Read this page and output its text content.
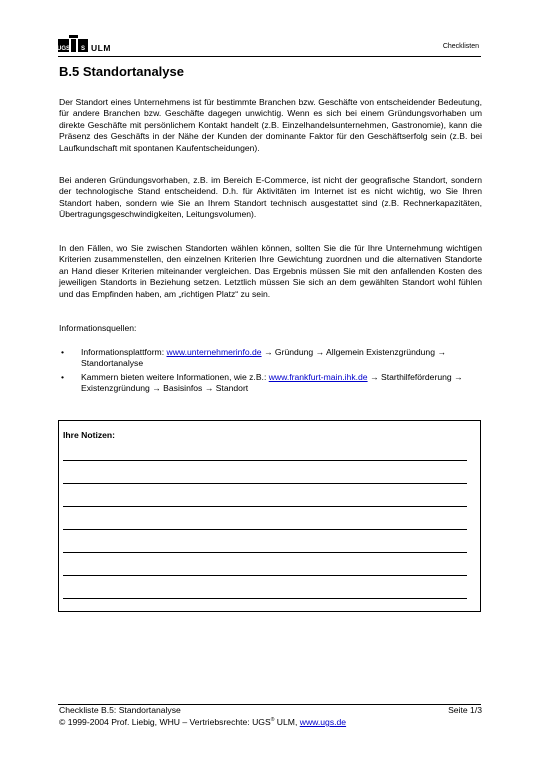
UGS	S ULM	Checklisten
B.5 Standortanalyse

Der Standort eines Unternehmens ist für bestimmte Branchen bzw. Geschäfte von entscheidender Bedeutung, für andere Branchen bzw. Geschäfte dagegen unwichtig. Wenn es sich bei einem Gründungsvorhaben um direkte Geschäfte mit persönlichem Kontakt handelt (z.B. Einzelhandelsunternehmen, Gastronomie), kann die Präsenz des Geschäfts in der Nähe der Kunden der dominante Faktor für den Geschäftserfolg sein (z.B. bei Laufkundschaft mit spontanen Kaufentscheidungen).

Bei anderen Gründungsvorhaben, z.B. im Bereich E-Commerce, ist nicht der geografische Standort, sondern der technologische Stand entscheidend. D.h. für Aktivitäten im Internet ist es nicht wichtig, wo Sie Ihren Standort haben, sondern wie Sie an Ihrem Standort technisch ausgestattet sind (z.B. Rechnerkapazitäten, Übertragungsgeschwindigkeiten, Leitungsvolumen).

In den Fällen, wo Sie zwischen Standorten wählen können, sollten Sie die für Ihre Unternehmung wichtigen Kriterien zusammenstellen, den einzelnen Kriterien Ihre Gewichtung zuordnen und die alternativen Standorte an Hand dieser Kriterien miteinander vergleichen. Das Ergebnis müssen Sie mit den anfallenden Kosten des jeweiligen Standorts in Beziehung setzen. Letztlich müssen Sie sich an dem gewählten Standort wohl fühlen und das Empfinden haben, am „richtigen Platz“ zu sein.

Informationsquellen:

• Informationsplattform: www.unternehmerinfo.de → Gründung → Allgemein Existenzgründung → Standortanalyse
• Kammern bieten weitere Informationen, wie z.B.: www.frankfurt-main.ihk.de → Starthilfeförderung → Existenzgründung → Basisinfos → Standort
Ihre Notizen:
Checkliste B.5: Standortanalyse
© 1999-2004 Prof. Liebig, WHU – Vertriebsrechte: UGS® ULM, www.ugs.de
Seite 1/3
